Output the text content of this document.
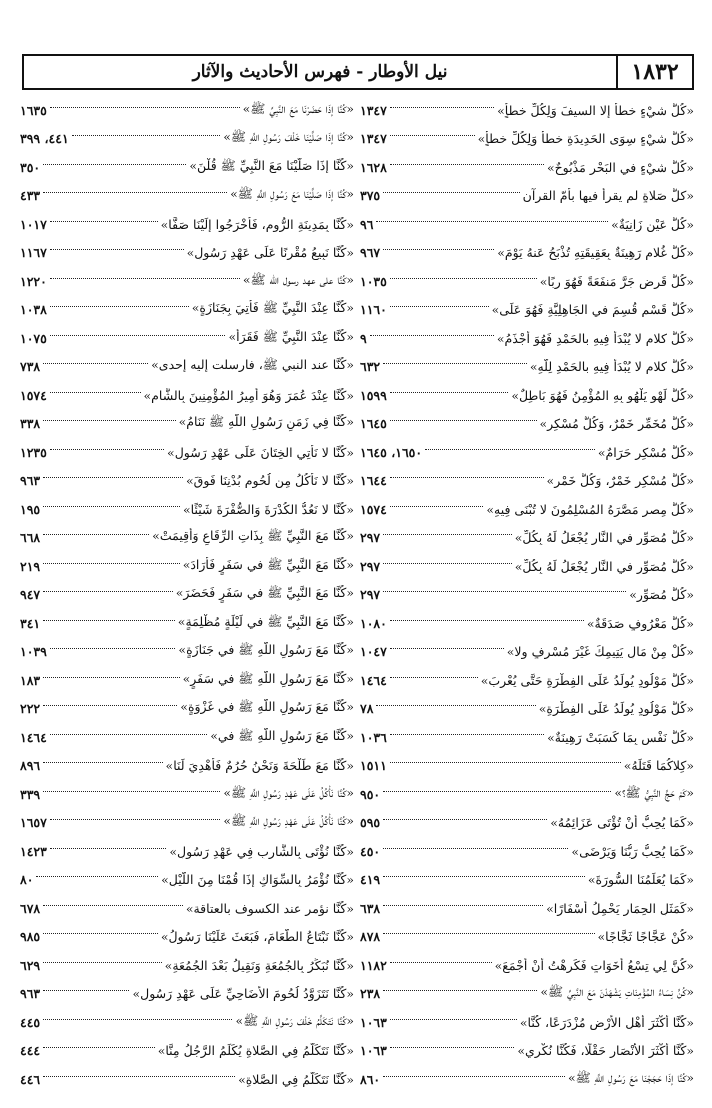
١٨٣٢
نيل الأوطار - فهرس الأحاديث والآثار
«كُلُّ شيْءٍ خطأٌ إلا السيفَ وَلِكُلِّ خطأٍ»
١٣٤٧
«كُلُّ شيْءٍ سِوَى الحَدِيدَةِ خطأٌ وَلِكُلِّ خطأٍ»
١٣٤٧
«كُلُّ شيْءٍ في البَحْرِ مَذْبُوحٌ»
١٦٢٨
«كلُّ صَلاةٍ لم يقرأ فيها بأمّ القرآن
٣٧٥
«كُلُّ عَيْنٍ زَانِيَةٌ»
٩٦
«كُلُّ غُلامٍ رَهِينَةٌ بِعَقِيقَتِهِ تُذْبَحُ عَنهُ يَوْمَ»
٩٦٧
«كُلُّ قَرضٍ جَرَّ مَنفَعَةً فَهُوَ رِبًا»
١٠٣٥
«كُلُّ قَسْمٍ قُسِمَ في الجَاهِلِيَّةِ فَهُوَ عَلَى»
١١٦٠
«كُلُّ كلامٍ لا يُبْدَأُ فِيهِ بالحَمْدِ فَهُوَ أَجْذَمُ»
٩
«كُلُّ كلامٍ لا يُبْدَأُ فِيهِ بالحَمْدِ لِلَّهِ»
٦٣٢
«كُلُّ لَهْوٍ يَلْهُو بِهِ المُؤْمِنُ فَهُوَ بَاطِلٌ»
١٥٩٩
«كُلُّ مُخَمِّرٍ خَمْرٌ، وَكُلُّ مُسْكِرٍ»
١٦٤٥
«كُلُّ مُسْكِرٍ حَرَامٌ»
١٦٥٠، ١٦٤٥
«كُلُّ مُسْكِرٍ خَمْرٌ، وَكُلُّ خَمْرٍ»
١٦٤٤
«كُلُّ مِصرٍ مَصَّرَهُ المُسْلِمُونَ لا تُبْنَى فِيهِ»
١٥٧٤
«كُلُّ مُصَوِّرٍ في النَّارِ يُجْعَلُ لَهُ بِكُلِّ»
٢٩٧
«كُلُّ مُصَوِّرٍ في النَّارِ يُجْعَلُ لَهُ بِكُلِّ»
٢٩٧
«كُلُّ مُصَوِّرٍ»
٢٩٧
«كُلُّ مَعْرُوفٍ صَدَقَةٌ»
١٠٨٠
«كُلْ مِنْ مَالِ يَتِيمِكَ غَيْرَ مُسْرِفٍ ولا»
١٠٤٧
«كُلُّ مَوْلُودٍ يُولَدُ عَلَى الفِطْرَةِ حَتَّى يُعْرِبَ»
١٤٦٤
«كُلُّ مَوْلُودٍ يُولَدُ عَلَى الفِطْرَةِ»
٧٨
«كُلُّ نَفْسٍ بِمَا كَسَبَتْ رَهِينَةٌ»
١٠٣٦
«كِلاكُمَا قَتَلَهُ»
١٥١١
«كَمْ حَجَّ النَّبِيُّ ﷺ؟»
٩٥٠
«كَمَا يُحِبُّ أَنْ تُؤْتَى عَزَائِمُهُ»
٥٩٥
«كَمَا يُحِبُّ رَبُّنَا وَيَرْضَى»
٤٥٠
«كَمَا يُعَلِّمُنَا السُّورَةَ»
٤١٩
«كَمَثَلِ الحِمَارِ يَحْمِلُ أَسْفَارًا»
٦٣٨
«كُنْ عَجَّاجًا ثَجَّاجًا»
٨٧٨
«كُنَّ لِي تِسْعُ أَخَوَاتٍ فَكَرِهْتُ أَنْ أَجْمَعَ»
١١٨٢
«كُنَّ نِسَاءُ المُؤْمِنَاتِ يَشْهَدْنَ مَعَ النَّبِيِّ ﷺ»
٢٣٨
«كُنَّا أَكْثَرَ أَهْلِ الأَرْضِ مُزْدَرَعًا، كُنَّا»
١٠٦٣
«كُنَّا أَكْثَرَ الأَنْصَارِ حَقْلًا، فَكُنَّا نُكْرِي»
١٠٦٣
«كُنَّا إذَا حَجَجْنَا مَعَ رَسُولِ اللَّهِ ﷺ»
٨٦٠
«كُنَّا إذَا حَضَرْنَا مَعَ النَّبِيِّ ﷺ»
١٦٣٥
«كُنَّا إذَا صَلَّيْنَا خَلْفَ رَسُولِ اللَّهِ ﷺ»
٤٤١، ٣٩٩
«كُنَّا إذَا صَلَّيْنَا مَعَ النَّبِيِّ ﷺ قُلْنَ»
٣٥٠
«كُنَّا إذَا صَلَّيْنَا مَعَ رَسُولِ اللَّهِ ﷺ»
٤٣٣
«كُنَّا بِمَدِينَةِ الرُّومِ، فَأَخْرَجُوا إِلَيْنَا صَفًّا»
١٠١٧
«كُنَّا نَبِيعُ مُقْرِنًا عَلَى عَهْدِ رَسُولِ»
١١٦٧
«كُنَّا على عهد رسول الله ﷺ»
١٢٢٠
«كُنَّا عِنْدَ النَّبِيِّ ﷺ فَأُتِيَ بِجَنَازَةٍ»
١٠٣٨
«كُنَّا عِنْدَ النَّبِيِّ ﷺ فَقَرَأَ»
١٠٧٥
«كُنَّا عند النبي ﷺ، فارسلت إليه إحدى»
٧٣٨
«كُنَّا عِنْدَ عُمَرَ وَهُوَ أَمِيرُ المُؤْمِنِينَ بِالشَّامِ»
١٥٧٤
«كُنَّا فِي زَمَنِ رَسُولِ اللَّهِ ﷺ نَنَامُ»
٣٣٨
«كُنَّا لا نَأْتِي الخِتَانَ عَلَى عَهْدِ رَسُولِ»
١٢٣٥
«كُنَّا لا نَأْكُلُ مِن لُحُومِ بُدْنِنَا فَوقَ»
٩٦٣
«كُنَّا لا نَعُدُّ الكُدْرَةَ وَالصُّفْرَةَ شَيْئًا»
١٩٥
«كُنَّا مَعَ النَّبِيِّ ﷺ بِذَاتِ الرِّقَاعِ وَأُقِيمَتْ»
٦٦٨
«كُنَّا مَعَ النَّبِيِّ ﷺ في سَفَرٍ فَأَرَادَ»
٢١٩
«كُنَّا مَعَ النَّبِيِّ ﷺ في سَفَرٍ فَحَضَرَ»
٩٤٧
«كُنَّا مَعَ النَّبِيِّ ﷺ في لَيْلَةٍ مُظْلِمَةٍ»
٣٤١
«كُنَّا مَعَ رَسُولِ اللَّهِ ﷺ في جَنَازَةٍ»
١٠٣٩
«كُنَّا مَعَ رَسُولِ اللَّهِ ﷺ في سَفَرٍ»
١٨٣
«كُنَّا مَعَ رَسُولِ اللَّهِ ﷺ في غَزْوَةٍ»
٢٢٢
«كُنَّا مَعَ رَسُولِ اللَّهِ ﷺ في»
١٤٦٤
«كُنَّا مَعَ طَلْحَةَ وَنَحْنُ حُرُمٌ فَأُهْدِيَ لَنَا»
٨٩٦
«كُنَّا نَأْكُلُ عَلَى عَهْدِ رَسُولِ اللَّهِ ﷺ»
٣٣٩
«كُنَّا نَأْكُلُ عَلَى عَهْدِ رَسُولِ اللَّهِ ﷺ»
١٦٥٧
«كُنَّا نُؤْتَى بِالشَّارِبِ فِي عَهْدِ رَسُولِ»
١٤٢٣
«كُنَّا نُؤْمَرُ بِالسِّوَاكِ إِذَا قُمْنَا مِنَ اللَّيْلِ»
٨٠
«كُنَّا نؤمر عند الكسوف بالعتاقة»
٦٧٨
«كُنَّا نَبْتَاعُ الطَّعَامَ، فَبَعَثَ عَلَيْنَا رَسُولُ»
٩٨٥
«كُنَّا نُبَكِّرُ بِالجُمُعَةِ وَنَقِيلُ بَعْدَ الجُمُعَةِ»
٦٢٩
«كُنَّا نَتَزَوَّدُ لُحُومَ الأَضَاحِيِّ عَلَى عَهْدِ رَسُولِ»
٩٦٣
«كُنَّا نَتَكَلَّمُ خَلْفَ رَسُولِ اللَّهِ ﷺ»
٤٤٥
«كُنَّا نَتَكَلَّمُ فِي الصَّلاةِ يُكَلِّمُ الرَّجُلُ مِنَّا»
٤٤٤
«كُنَّا نَتَكَلَّمُ فِي الصَّلاةِ»
٤٤٦
